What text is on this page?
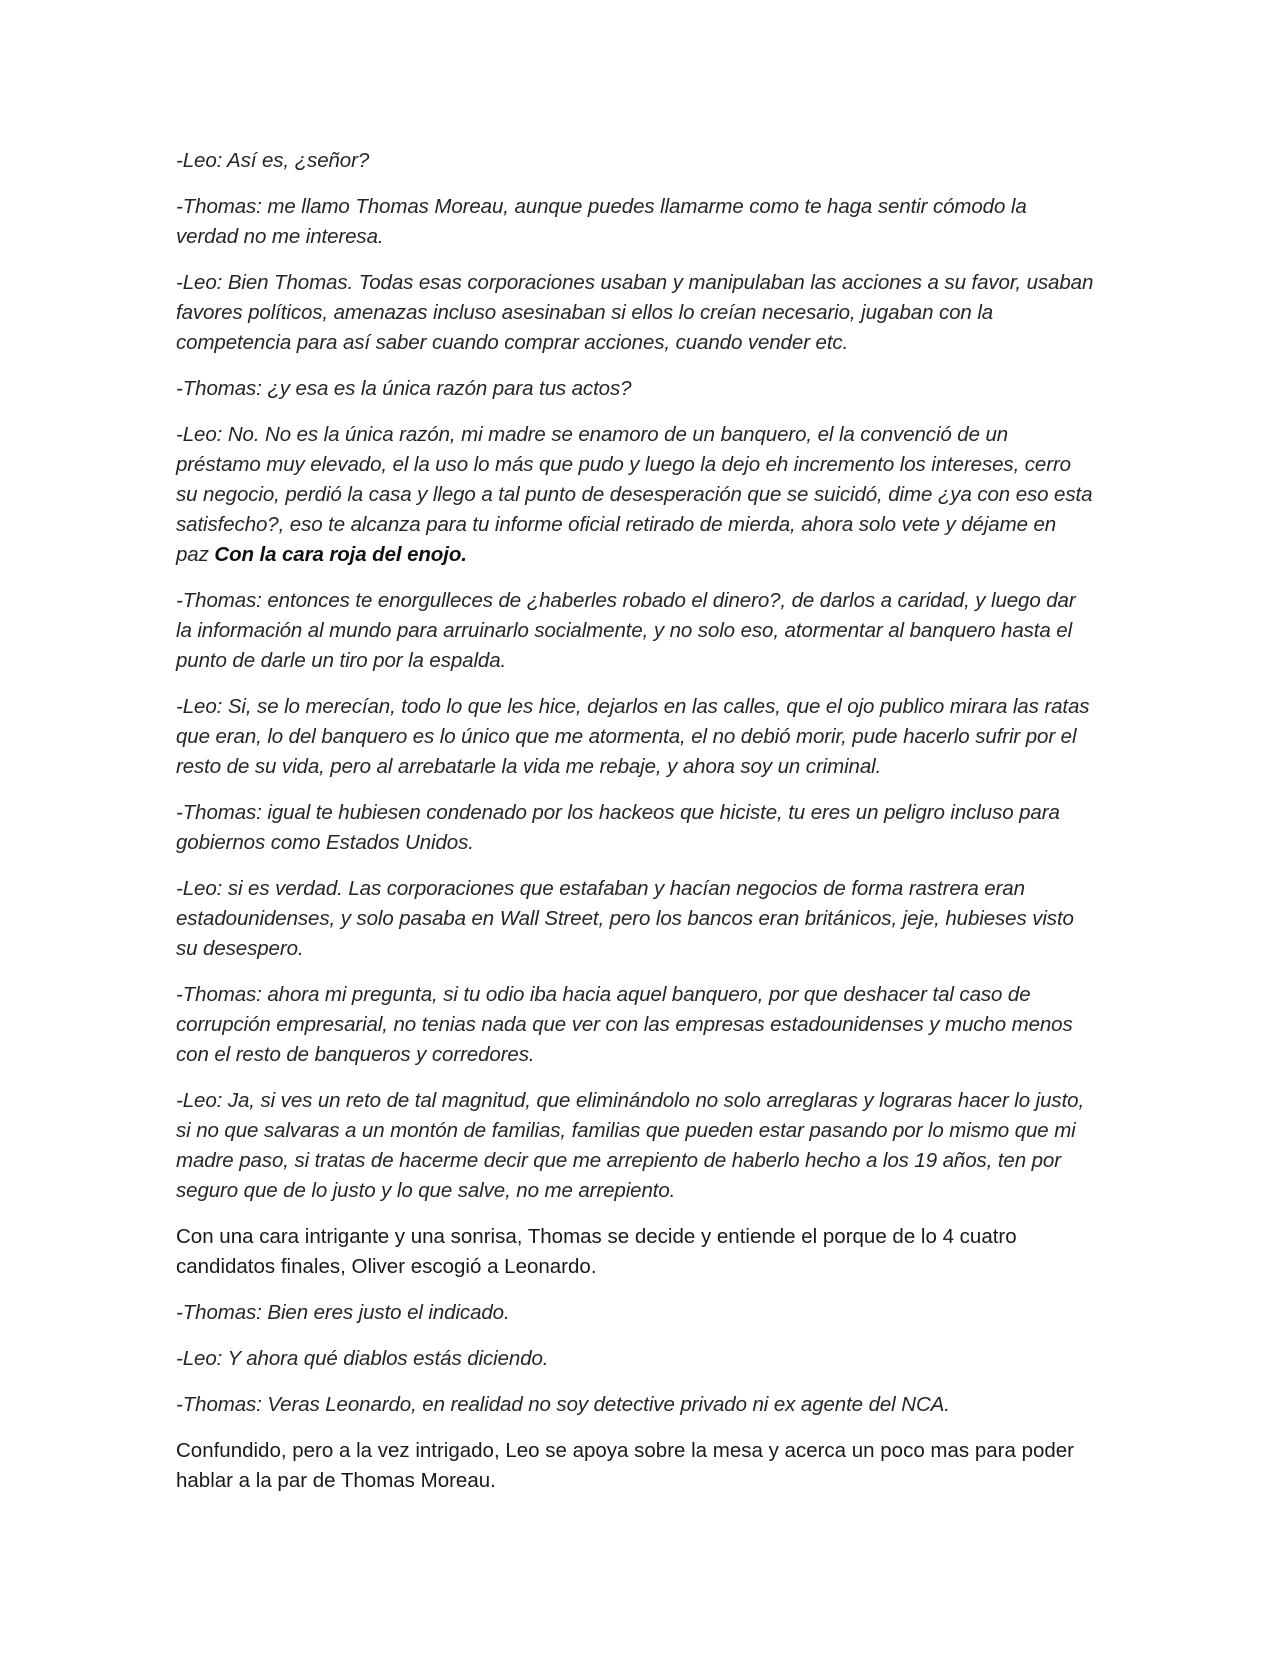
-Leo: Así es, ¿señor?

-Thomas: me llamo Thomas Moreau, aunque puedes llamarme como te haga sentir cómodo la verdad no me interesa.

-Leo: Bien Thomas. Todas esas corporaciones usaban y manipulaban las acciones a su favor, usaban favores políticos, amenazas incluso asesinaban si ellos lo creían necesario, jugaban con la competencia para así saber cuando comprar acciones, cuando vender etc.

-Thomas: ¿y esa es la única razón para tus actos?

-Leo: No. No es la única razón, mi madre se enamoro de un banquero, el la convenció de un préstamo muy elevado, el la uso lo más que pudo y luego la dejo eh incremento los intereses, cerro su negocio, perdió la casa y llego a tal punto de desesperación que se suicidó, dime ¿ya con eso esta satisfecho?, eso te alcanza para tu informe oficial retirado de mierda, ahora solo vete y déjame en paz Con la cara roja del enojo.

-Thomas: entonces te enorgulleces de ¿haberles robado el dinero?, de darlos a caridad, y luego dar la información al mundo para arruinarlo socialmente, y no solo eso, atormentar al banquero hasta el punto de darle un tiro por la espalda.

-Leo: Si, se lo merecían, todo lo que les hice, dejarlos en las calles, que el ojo publico mirara las ratas que eran, lo del banquero es lo único que me atormenta, el no debió morir, pude hacerlo sufrir por el resto de su vida, pero al arrebatarle la vida me rebaje, y ahora soy un criminal.

-Thomas: igual te hubiesen condenado por los hackeos que hiciste, tu eres un peligro incluso para gobiernos como Estados Unidos.

-Leo: si es verdad. Las corporaciones que estafaban y hacían negocios de forma rastrera eran estadounidenses, y solo pasaba en Wall Street, pero los bancos eran británicos, jeje, hubieses visto su desespero.

-Thomas: ahora mi pregunta, si tu odio iba hacia aquel banquero, por que deshacer tal caso de corrupción empresarial, no tenias nada que ver con las empresas estadounidenses y mucho menos con el resto de banqueros y corredores.

-Leo: Ja, si ves un reto de tal magnitud, que eliminándolo no solo arreglaras y lograras hacer lo justo, si no que salvaras a un montón de familias, familias que pueden estar pasando por lo mismo que mi madre paso, si tratas de hacerme decir que me arrepiento de haberlo hecho a los 19 años, ten por seguro que de lo justo y lo que salve, no me arrepiento.

Con una cara intrigante y una sonrisa, Thomas se decide y entiende el porque de lo 4 cuatro candidatos finales, Oliver escogió a Leonardo.

-Thomas: Bien eres justo el indicado.

-Leo: Y ahora qué diablos estás diciendo.

-Thomas: Veras Leonardo, en realidad no soy detective privado ni ex agente del NCA.

Confundido, pero a la vez intrigado, Leo se apoya sobre la mesa y acerca un poco mas para poder hablar a la par de Thomas Moreau.
